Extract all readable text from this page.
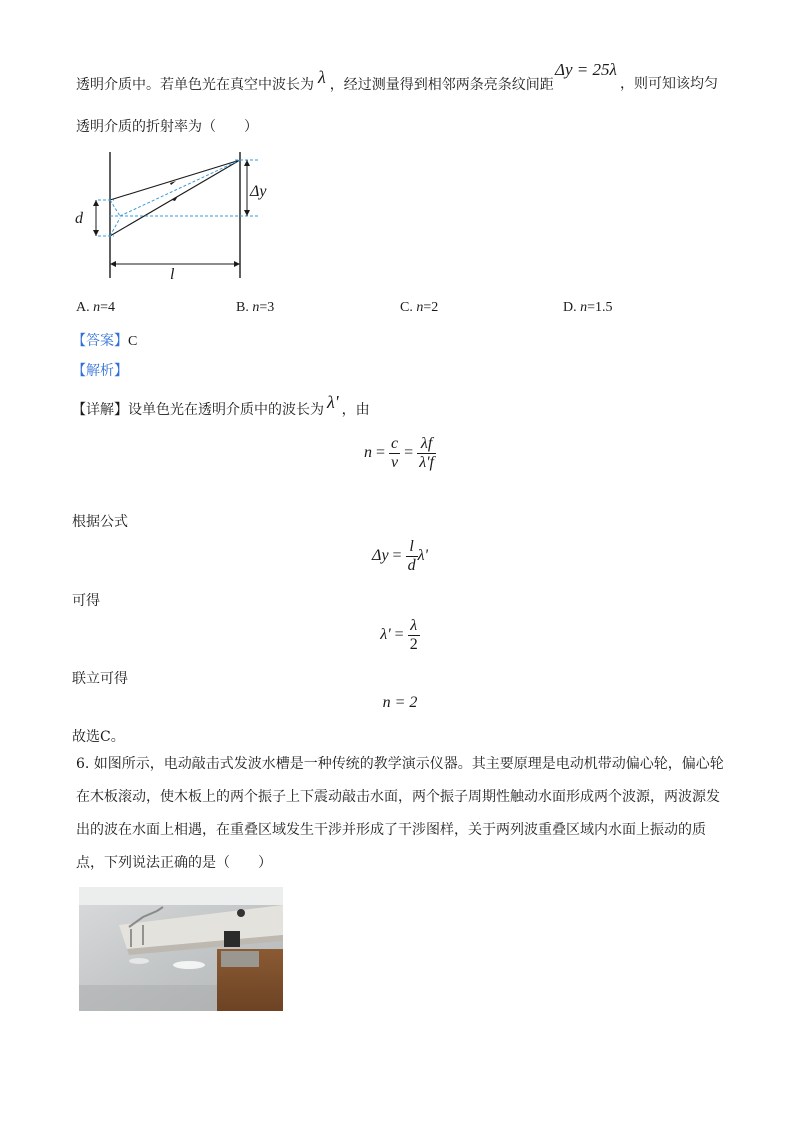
透明介质中。若单色光在真空中波长为 λ ，经过测量得到相邻两条亮条纹间距
Δy = 25λ
，则可知该均匀
透明介质的折射率为（　　）
Δy
d
l
A. n=4	B. n=3	C. n=2	D. n=1.5
【答案】C
【解析】
【详解】设单色光在透明介质中的波长为 λ' ，由
$n = \frac{c}{v} = \frac{\lambda f}{\lambda'f}$
根据公式
$\Delta y = \frac{l}{d} \lambda'$
可得
$\lambda' = \frac{\lambda}{2}$
联立可得
n = 2
故选C。
6. 如图所示，电动敲击式发波水槽是一种传统的教学演示仪器。其主要原理是电动机带动偏心轮，偏心轮在木板滚动，使木板上的两个振子上下震动敲击水面，两个振子周期性触动水面形成两个波源，两波源发出的波在水面上相遇，在重叠区域发生干涉并形成了干涉图样，关于两列波重叠区域内水面上振动的质点，下列说法正确的是（　　）
